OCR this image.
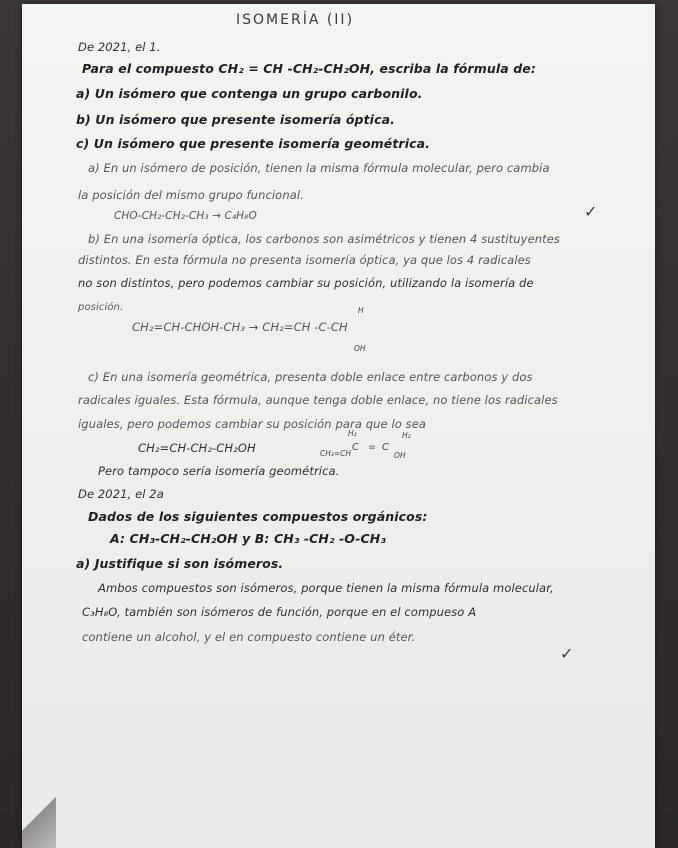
ISOMERÍA (II)
De 2021, el 1.
Para el compuesto CH₂ = CH -CH₂-CH₂OH, escriba la fórmula de:
a) Un isómero que contenga un grupo carbonilo.
b) Un isómero que presente isomería óptica.
c) Un isómero que presente isomería geométrica.
a) En un isómero de posición, tienen la misma fórmula molecular, pero cambia
la posición del mismo grupo funcional.
CHO-CH₂-CH₂-CH₃ → C₄H₈O	✓
b) En una isomería óptica, los carbonos son asimétricos y tienen 4 sustituyentes
distintos. En esta fórmula no presenta isomería óptica, ya que los 4 radicales
no son distintos, pero podemos cambiar su posición, utilizando la isomería de
posición.	H
CH₂=CH-CHOH-CH₃ → CH₂=CH -C-CH
OH
c) En una isomería geométrica, presenta doble enlace entre carbonos y dos
radicales iguales. Esta fórmula, aunque tenga doble enlace, no tiene los radicales
iguales, pero podemos cambiar su posición para que lo sea
CH₂=CH-CH₂-CH₂OH
H₂
CH₃=CH
C =
H₂
C
OH
Pero tampoco sería isomería geométrica.
De 2021, el 2a
Dados de los siguientes compuestos orgánicos:
A: CH₃-CH₂-CH₂OH y B: CH₃ -CH₂ -O-CH₃
a) Justifique si son isómeros.
Ambos compuestos son isómeros, porque tienen la misma fórmula molecular,
C₃H₈O, también son isómeros de función, porque en el compueso A
contiene un alcohol, y el en compuesto contiene un éter.
✓
